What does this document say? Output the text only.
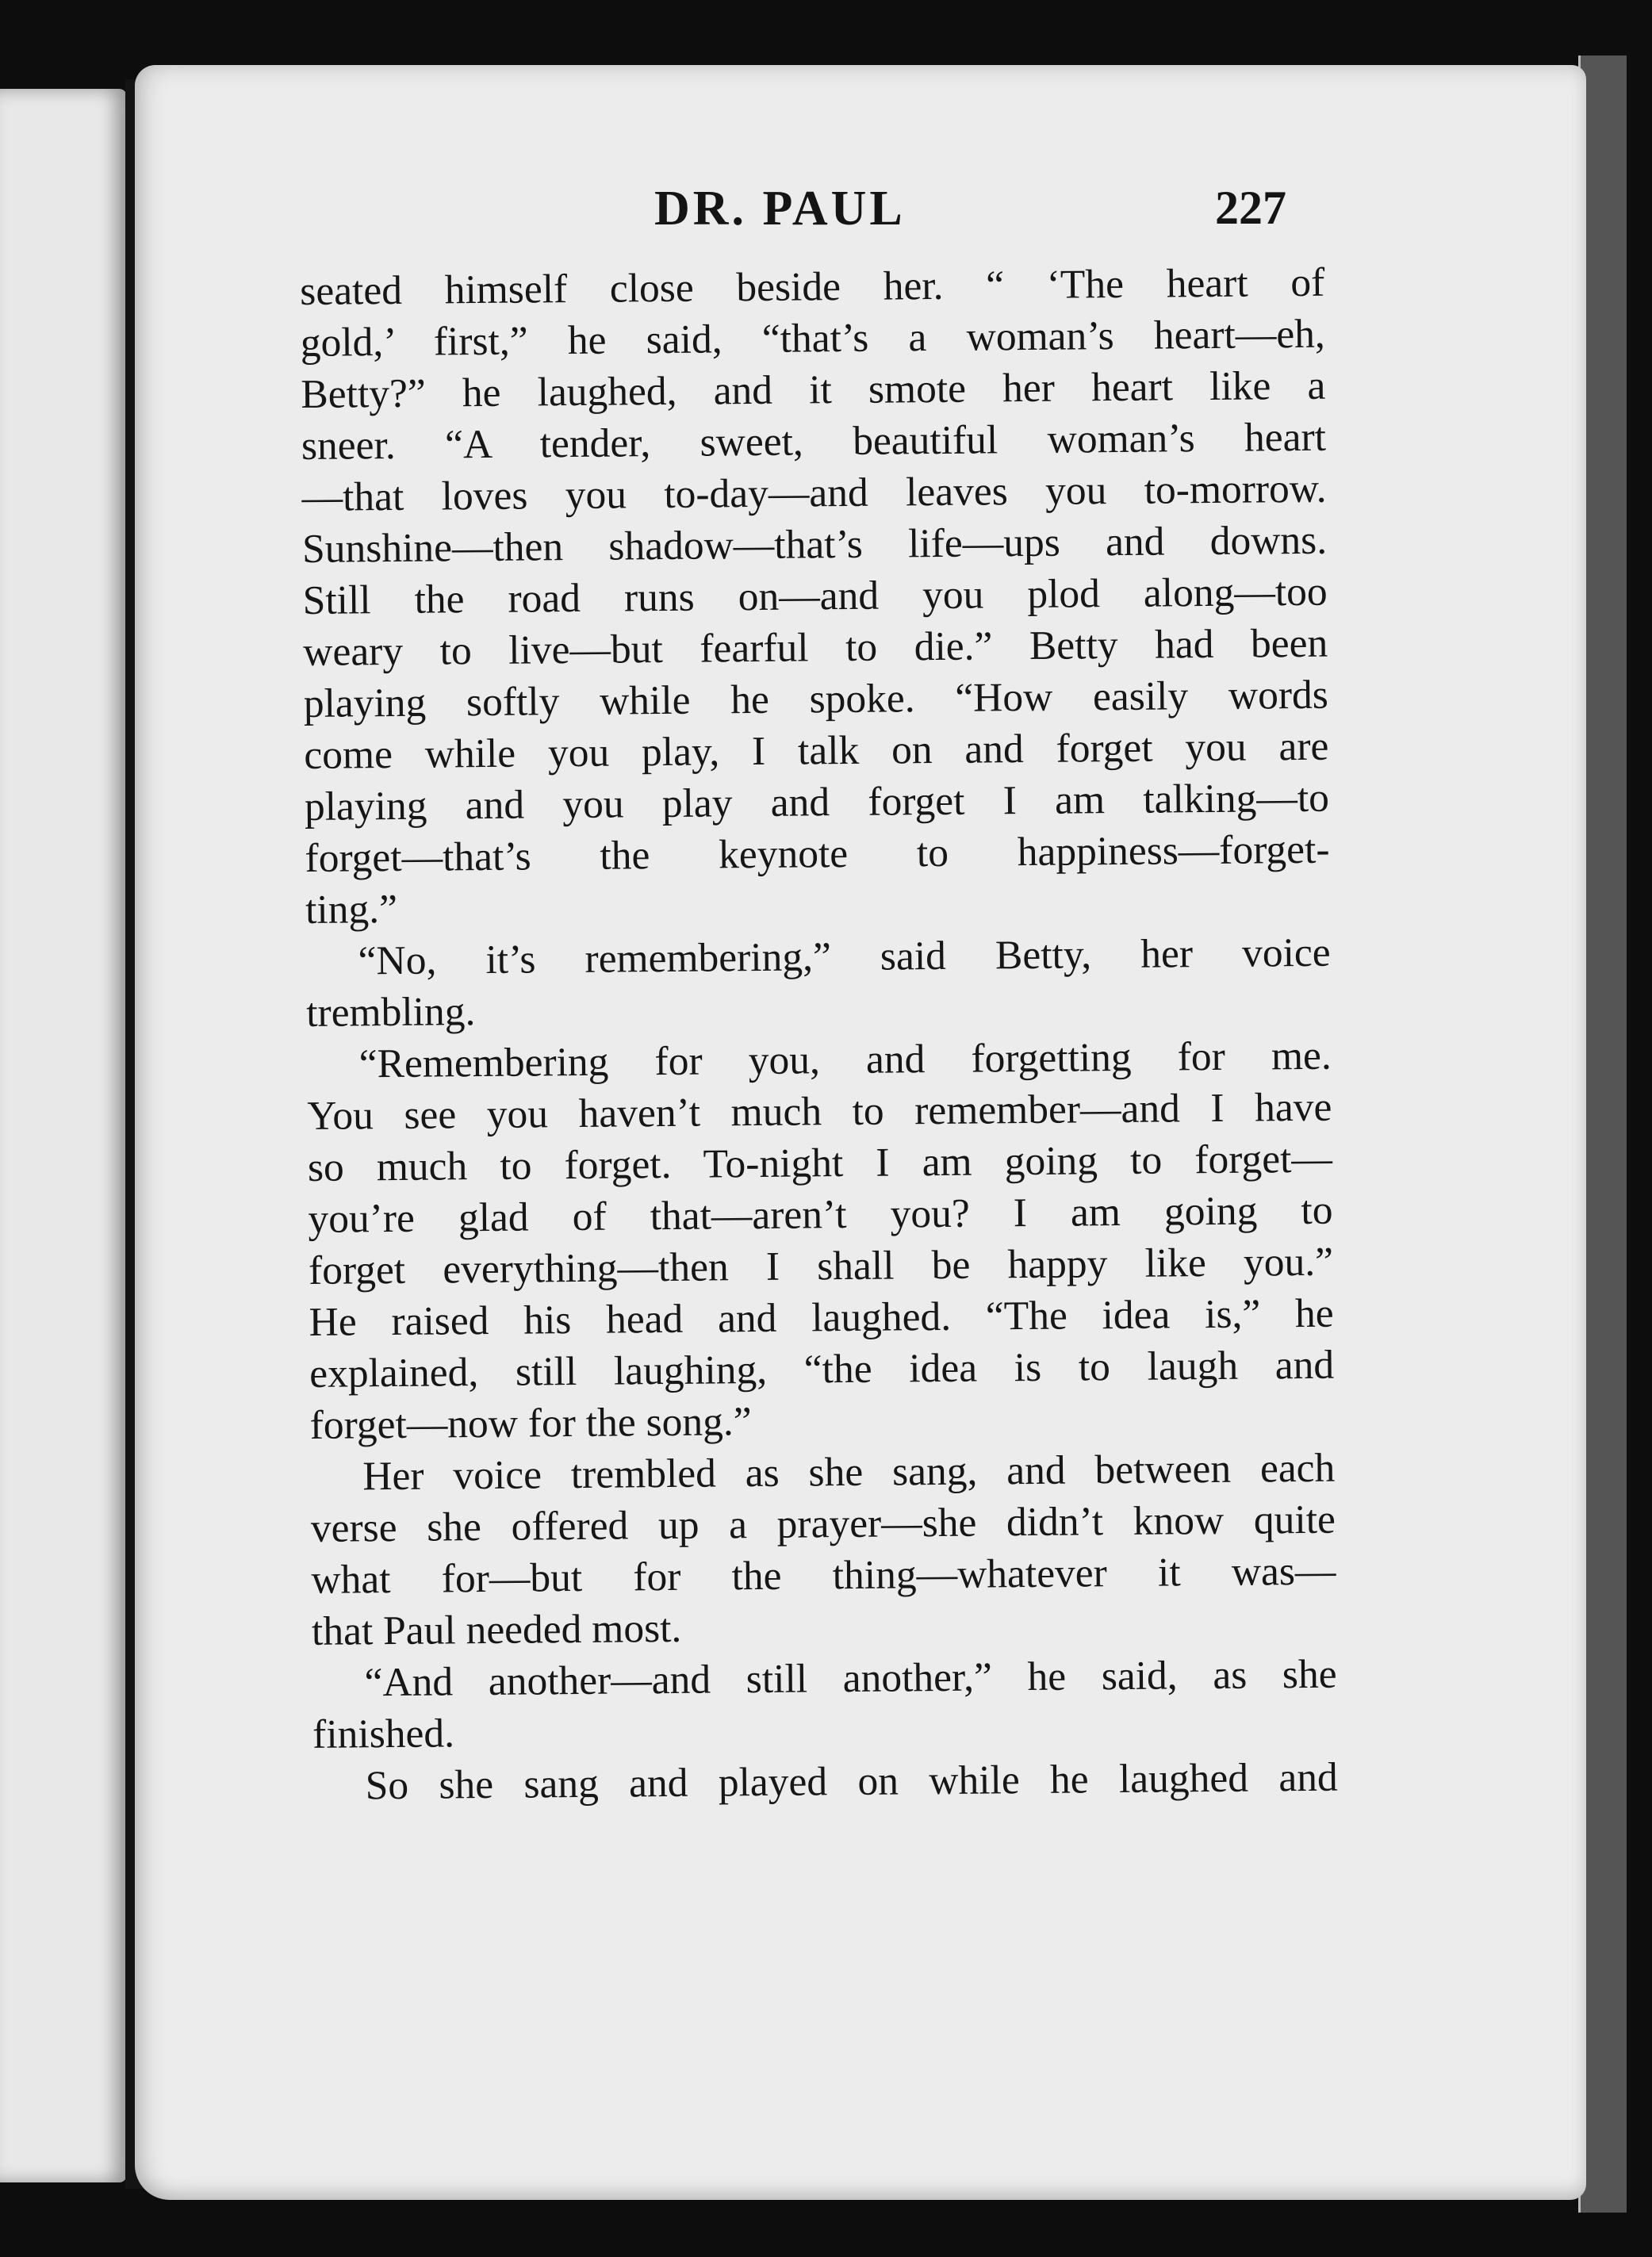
DR. PAUL	227
seated himself close beside her. “ ‘The heart of
gold,’ first,” he said, “that’s a woman’s heart—eh,
Betty?” he laughed, and it smote her heart like a
sneer. “A tender, sweet, beautiful woman’s heart
—that loves you to-day—and leaves you to-morrow.
Sunshine—then shadow—that’s life—ups and downs.
Still the road runs on—and you plod along—too
weary to live—but fearful to die.” Betty had been
playing softly while he spoke. “How easily words
come while you play, I talk on and forget you are
playing and you play and forget I am talking—to
forget—that’s the keynote to happiness—forget-
ting.”
“No, it’s remembering,” said Betty, her voice
trembling.
“Remembering for you, and forgetting for me.
You see you haven’t much to remember—and I have
so much to forget. To-night I am going to forget—
you’re glad of that—aren’t you? I am going to
forget everything—then I shall be happy like you.”
He raised his head and laughed. “The idea is,” he
explained, still laughing, “the idea is to laugh and
forget—now for the song.”
Her voice trembled as she sang, and between each
verse she offered up a prayer—she didn’t know quite
what for—but for the thing—whatever it was—
that Paul needed most.
“And another—and still another,” he said, as she
finished.
So she sang and played on while he laughed and
